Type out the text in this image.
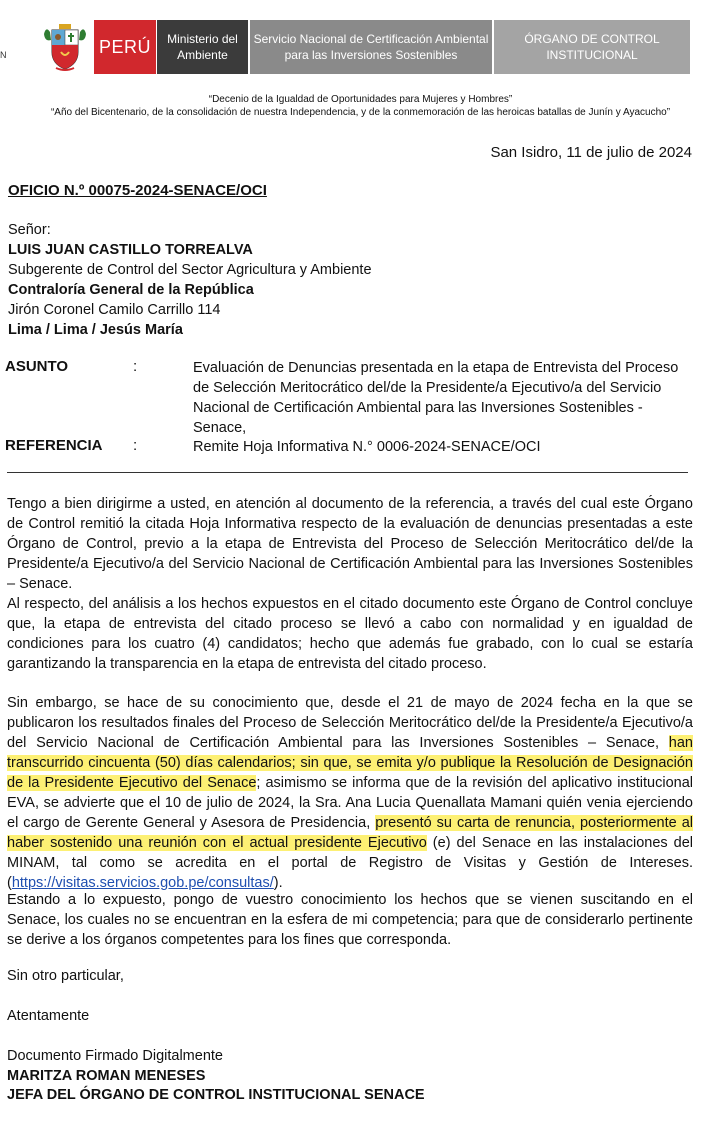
N	PERÚ	Ministerio del Ambiente
Servicio Nacional de Certificación Ambiental para las Inversiones Sostenibles
ÓRGANO DE CONTROL INSTITUCIONAL
“Decenio de la Igualdad de Oportunidades para Mujeres y Hombres”
“Año del Bicentenario, de la consolidación de nuestra Independencia, y de la conmemoración de las heroicas batallas de Junín y Ayacucho”
San Isidro, 11 de julio de 2024
OFICIO N.º 00075-2024-SENACE/OCI
Señor:
LUIS JUAN CASTILLO TORREALVA
Subgerente de Control del Sector Agricultura y Ambiente
Contraloría General de la República
Jirón Coronel Camilo Carrillo 114
Lima / Lima / Jesús María
ASUNTO	:	Evaluación de Denuncias presentada en la etapa de Entrevista del Proceso de Selección Meritocrático del/de la Presidente/a Ejecutivo/a del Servicio Nacional de Certificación Ambiental para las Inversiones Sostenibles - Senace,
REFERENCIA :	Remite Hoja Informativa N.° 0006-2024-SENACE/OCI
Tengo a bien dirigirme a usted, en atención al documento de la referencia, a través del cual este Órgano de Control remitió la citada Hoja Informativa respecto de la evaluación de denuncias presentadas a este Órgano de Control, previo a la etapa de Entrevista del Proceso de Selección Meritocrático del/de la Presidente/a Ejecutivo/a del Servicio Nacional de Certificación Ambiental para las Inversiones Sostenibles – Senace.
Al respecto, del análisis a los hechos expuestos en el citado documento este Órgano de Control concluye que, la etapa de entrevista del citado proceso se llevó a cabo con normalidad y en igualdad de condiciones para los cuatro (4) candidatos; hecho que además fue grabado, con lo cual se estaría garantizando la transparencia en la etapa de entrevista del citado proceso.
Sin embargo, se hace de su conocimiento que, desde el 21 de mayo de 2024 fecha en la que se publicaron los resultados finales del Proceso de Selección Meritocrático del/de la Presidente/a Ejecutivo/a del Servicio Nacional de Certificación Ambiental para las Inversiones Sostenibles – Senace, han transcurrido cincuenta (50) días calendarios; sin que, se emita y/o publique la Resolución de Designación de la Presidente Ejecutivo del Senace; asimismo se informa que de la revisión del aplicativo institucional EVA, se advierte que el 10 de julio de 2024, la Sra. Ana Lucia Quenallata Mamani quién venia ejerciendo el cargo de Gerente General y Asesora de Presidencia, presentó su carta de renuncia, posteriormente al haber sostenido una reunión con el actual presidente Ejecutivo (e) del Senace en las instalaciones del MINAM, tal como se acredita en el portal de Registro de Visitas y Gestión de Intereses. (https://visitas.servicios.gob.pe/consultas/).
Estando a lo expuesto, pongo de vuestro conocimiento los hechos que se vienen suscitando en el Senace, los cuales no se encuentran en la esfera de mi competencia; para que de considerarlo pertinente se derive a los órganos competentes para los fines que corresponda.
Sin otro particular,
Atentamente
Documento Firmado Digitalmente
MARITZA ROMAN MENESES
JEFA DEL ÓRGANO DE CONTROL INSTITUCIONAL SENACE
